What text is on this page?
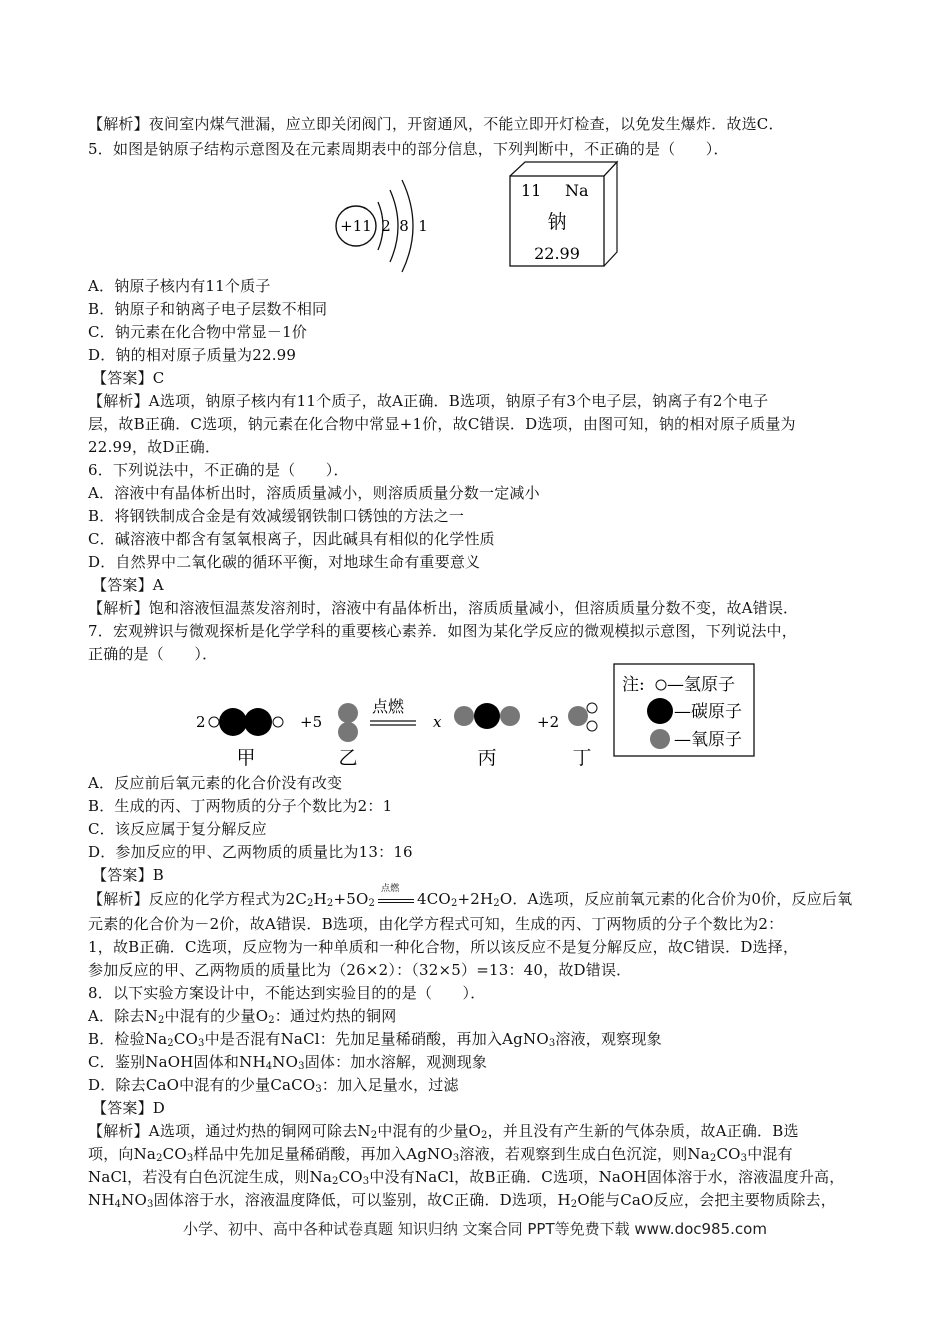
【解析】夜间室内煤气泄漏，应立即关闭阀门，开窗通风，不能立即开灯检查，以免发生爆炸．故选C．
5．如图是钠原子结构示意图及在元素周期表中的部分信息，下列判断中，不正确的是（　　）．
+11 2 8 1
11 Na
钠
22.99
A．钠原子核内有11个质子
B．钠原子和钠离子电子层数不相同
C．钠元素在化合物中常显－1价
D．钠的相对原子质量为22.99
【答案】C
【解析】A选项，钠原子核内有11个质子，故A正确．B选项，钠原子有3个电子层，钠离子有2个电子
层，故B正确．C选项，钠元素在化合物中常显+1价，故C错误．D选项，由图可知，钠的相对原子质量为
22.99，故D正确．
6．下列说法中，不正确的是（　　）．
A．溶液中有晶体析出时，溶质质量减小，则溶质质量分数一定减小
B．将钢铁制成合金是有效减缓钢铁制口锈蚀的方法之一
C．碱溶液中都含有氢氧根离子，因此碱具有相似的化学性质
D．自然界中二氧化碳的循环平衡，对地球生命有重要意义
【答案】A
【解析】饱和溶液恒温蒸发溶剂时，溶液中有晶体析出，溶质质量减小，但溶质质量分数不变，故A错误．
7．宏观辨识与微观探析是化学学科的重要核心素养．如图为某化学反应的微观模拟示意图，下列说法中，
正确的是（　　）．
2	+5
点燃
x	+2
甲	乙	丙	丁
注: —氢原子
—碳原子
—氧原子
A．反应前后氧元素的化合价没有改变
B．生成的丙、丁两物质的分子个数比为2：1
C．该反应属于复分解反应
D．参加反应的甲、乙两物质的质量比为13：16
【答案】B
【解析】反应的化学方程式为$2C_2H_2+5O_2$
点燃
$4CO_2+2H_2O$．A选项，反应前氧元素的化合价为0价，反应后氧
元素的化合价为－2价，故A错误．B选项，由化学方程式可知，生成的丙、丁两物质的分子个数比为2：
1，故B正确．C选项，反应物为一种单质和一种化合物，所以该反应不是复分解反应，故C错误．D选择，
参加反应的甲、乙两物质的质量比为（26×2）：（32×5）=13：40，故D错误．
8．以下实验方案设计中，不能达到实验目的的是（　　）．
A．除去$N_2$中混有的少量$O_2$：通过灼热的铜网
B．检验$Na_2CO_3$中是否混有NaCl：先加足量稀硝酸，再加入AgNO$_3$溶液，观察现象
C．鉴别NaOH固体和$NH_4NO_3$固体：加水溶解，观测现象
D．除去CaO中混有的少量CaCO$_3$：加入足量水，过滤
【答案】D
【解析】A选项，通过灼热的铜网可除去$N_2$中混有的少量$O_2$，并且没有产生新的气体杂质，故A正确．B选
项，向$Na_2CO_3$样品中先加足量稀硝酸，再加入AgNO$_3$溶液，若观察到生成白色沉淀，则$Na_2CO_3$中混有
NaCl，若没有白色沉淀生成，则$Na_2CO_3$中没有NaCl，故B正确．C选项，NaOH固体溶于水，溶液温度升高，
$NH_4NO_3$固体溶于水，溶液温度降低，可以鉴别，故C正确．D选项，$H_2O$能与CaO反应，会把主要物质除去，
小学、初中、高中各种试卷真题 知识归纳 文案合同 PPT等免费下载 www.doc985.com
